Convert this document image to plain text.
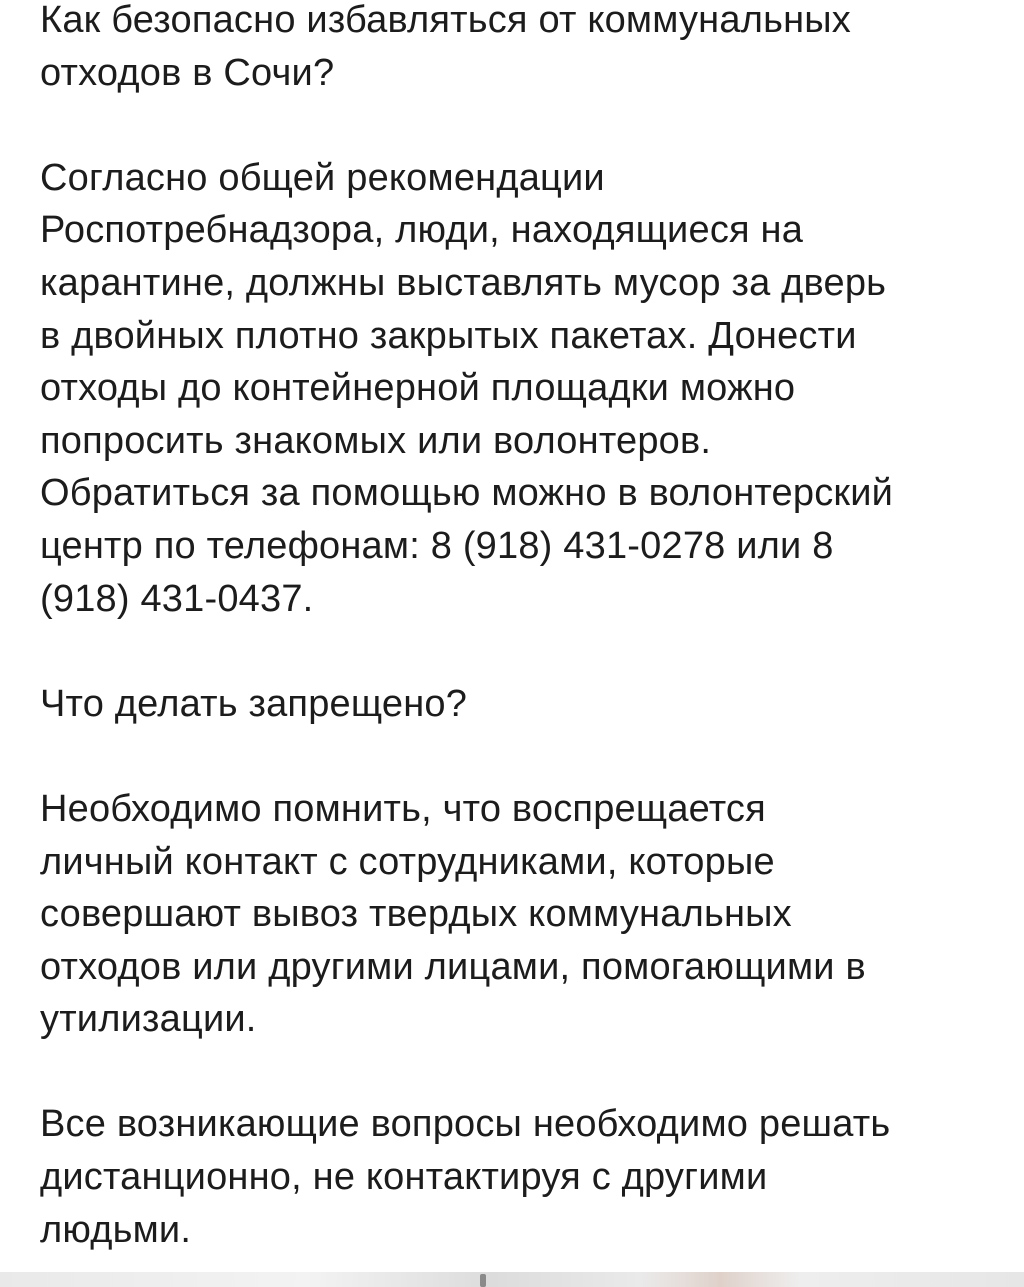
Как безопасно избавляться от коммунальных
отходов в Сочи?

Согласно общей рекомендации
Роспотребнадзора, люди, находящиеся на
карантине, должны выставлять мусор за дверь
в двойных плотно закрытых пакетах. Донести
отходы до контейнерной площадки можно
попросить знакомых или волонтеров.
Обратиться за помощью можно в волонтерский
центр по телефонам: 8 (918) 431-0278 или 8
(918) 431-0437.

Что делать запрещено?

Необходимо помнить, что воспрещается
личный контакт с сотрудниками, которые
совершают вывоз твердых коммунальных
отходов или другими лицами, помогающими в
утилизации.

Все возникающие вопросы необходимо решать
дистанционно, не контактируя с другими
людьми.
